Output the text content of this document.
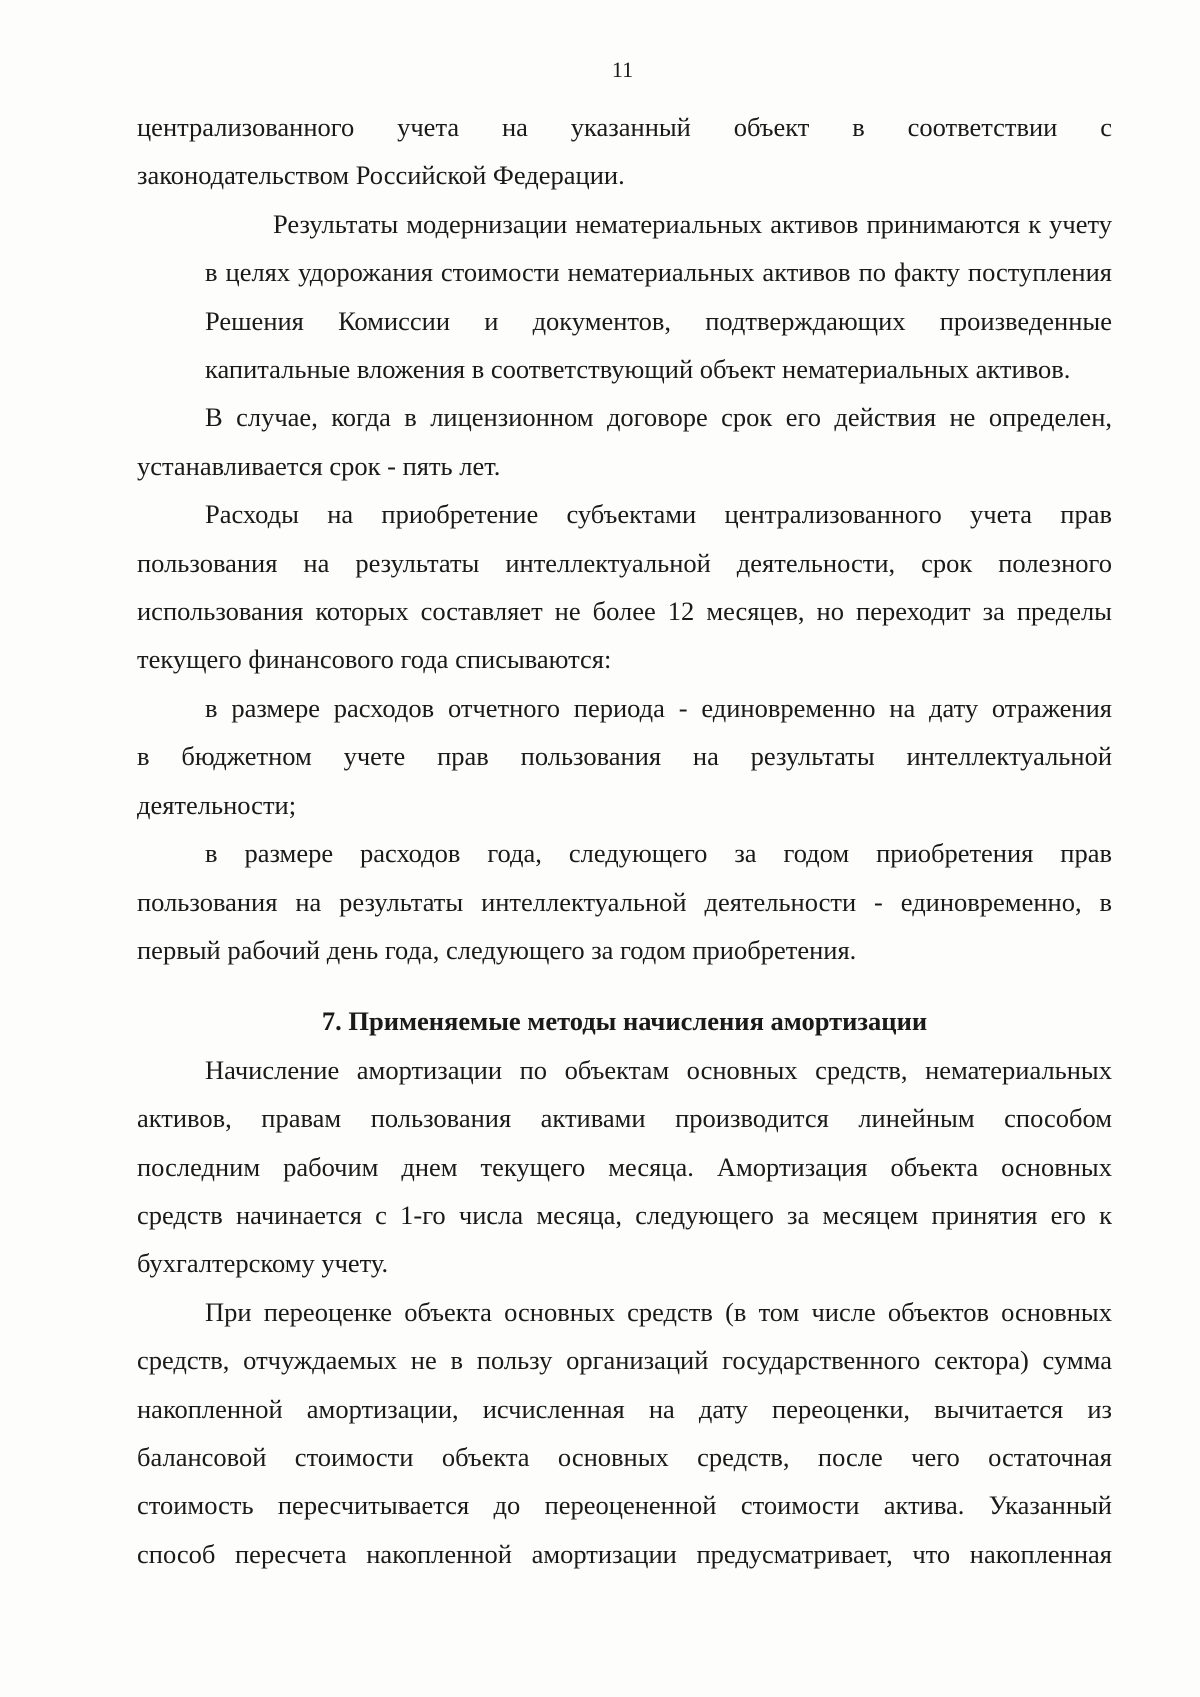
11

централизованного учета на указанный объект в соответствии с
законодательством Российской Федерации.

Результаты модернизации нематериальных активов принимаются к учету
в целях удорожания стоимости нематериальных активов по факту поступления
Решения Комиссии и документов, подтверждающих произведенные
капитальные вложения в соответствующий объект нематериальных активов.

В случае, когда в лицензионном договоре срок его действия не определен,
устанавливается срок - пять лет.

Расходы на приобретение субъектами централизованного учета прав
пользования на результаты интеллектуальной деятельности, срок полезного
использования которых составляет не более 12 месяцев, но переходит за пределы
текущего финансового года списываются:

в размере расходов отчетного периода - единовременно на дату отражения
в бюджетном учете прав пользования на результаты интеллектуальной
деятельности;

в размере расходов года, следующего за годом приобретения прав
пользования на результаты интеллектуальной деятельности - единовременно, в
первый рабочий день года, следующего за годом приобретения.

7. Применяемые методы начисления амортизации

Начисление амортизации по объектам основных средств, нематериальных
активов, правам пользования активами производится линейным способом
последним рабочим днем текущего месяца. Амортизация объекта основных
средств начинается с 1-го числа месяца, следующего за месяцем принятия его к
бухгалтерскому учету.

При переоценке объекта основных средств (в том числе объектов основных
средств, отчуждаемых не в пользу организаций государственного сектора) сумма
накопленной амортизации, исчисленная на дату переоценки, вычитается из
балансовой стоимости объекта основных средств, после чего остаточная
стоимость пересчитывается до переоцененной стоимости актива. Указанный
способ пересчета накопленной амортизации предусматривает, что накопленная
